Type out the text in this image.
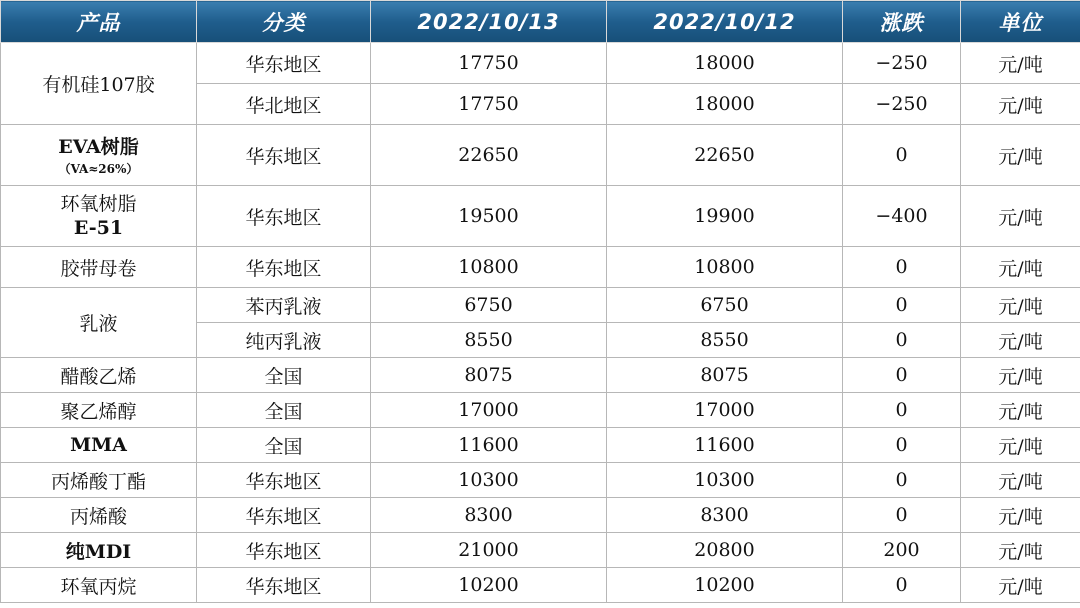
产品	分类	2022/10/13	2022/10/12	涨跌	单位
有机硅107胶	华东地区	17750	18000	−250	元/吨
	华北地区	17750	18000	−250	元/吨

EVA树脂
（VA≈26%）	华东地区	22650	22650	0	元/吨

环氧树脂
E-51	华东地区	19500	19900	−400	元/吨
胶带母卷	华东地区	10800	10800	0	元/吨
乳液	苯丙乳液	6750	6750	0	元/吨
	纯丙乳液	8550	8550	0	元/吨
醋酸乙烯	全国	8075	8075	0	元/吨
聚乙烯醇	全国	17000	17000	0	元/吨
MMA	全国	11600	11600	0	元/吨
丙烯酸丁酯	华东地区	10300	10300	0	元/吨
丙烯酸	华东地区	8300	8300	0	元/吨
纯MDI	华东地区	21000	20800	200	元/吨
环氧丙烷	华东地区	10200	10200	0	元/吨
